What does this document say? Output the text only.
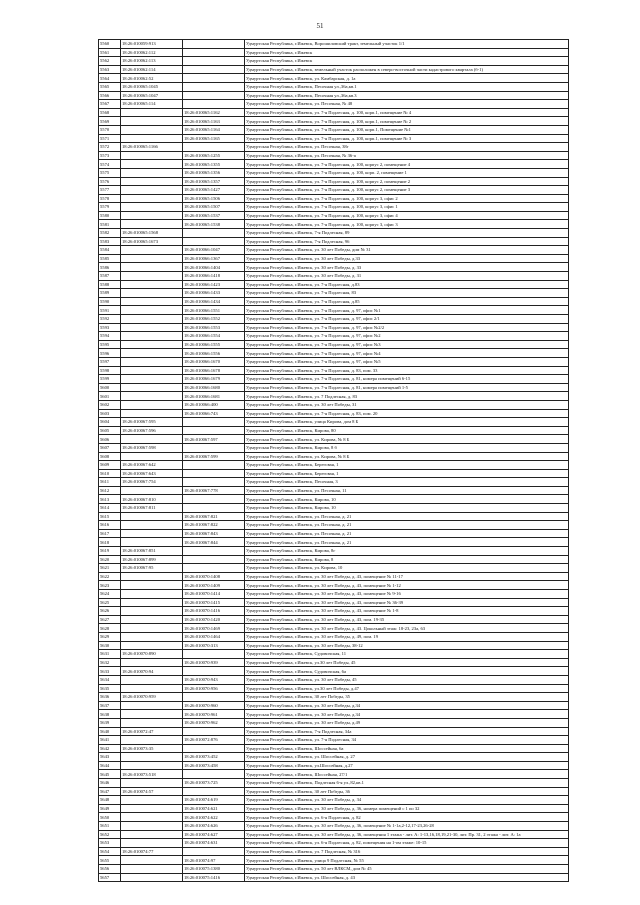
51
5560	18:26:010059:913		Удмуртская Республика, г.Ижевск, Ворошиловский тракт, земельный участок 1/1
5561	18:26:010062:112		Удмуртская Республика, г.Ижевск
5562	18:26:010062:113		Удмуртская Республика, г.Ижевск
5563	18:26:010062:114		Удмуртская Республика, г.Ижевск, земельный участок расположен в северо-восточной части кадастрового квартала (б-1)
5564	18:26:010062:52		Удмуртская Республика, г.Ижевск, ул. Камбарская, д. 1а
5565	18:26:010065:1045		Удмуртская Республика, г.Ижевск, Песочная ул.,36а,кв.1
5566	18:26:010065:1047		Удмуртская Республика, г.Ижевск, Песочная ул.,36а,кв.3
5567	18:26:010065:114		Удмуртская Республика, г.Ижевск, ул. Песочная, № 48
5568		18:26:010065:1162	Удмуртская Республика, г.Ижевск, ул. 7-я Подлесная, д. 100, корп.1, помещение № 4
5569		18:26:010065:1163	Удмуртская Республика, г.Ижевск, ул. 7-я Подлесная, д. 100, корп.1, помещение № 2
5570		18:26:010065:1164	Удмуртская Республика, г.Ижевск, ул. 7-я Подлесная, д. 100, корп.1, Помещение №1
5571		18:26:010065:1165	Удмуртская Республика, г.Ижевск, ул. 7-я Подлесная, д. 100, корп.1, помещение № 3
5572	18:26:010065:1166		Удмуртская Республика, г.Ижевск, ул. Песочная, 38г
5573		18:26:010065:1255	Удмуртская Республика, г.Ижевск, ул. Песочная, № 36-а
5574		18:26:010065:1355	Удмуртская Республика, г.Ижевск, ул. 7-я Подлесная, д. 100, корпус 2, помещение 4
5575		18:26:010065:1356	Удмуртская Республика, г.Ижевск, ул. 7-я Подлесная, д. 100, корп. 2, помещение 1
5576		18:26:010065:1357	Удмуртская Республика, г.Ижевск, ул. 7-я Подлесная, д. 100, корпус 2, помещение 2
5577		18:26:010065:1427	Удмуртская Республика, г.Ижевск, ул. 7-я Подлесная, д. 100, корпус 2, помещение 3
5578		18:26:010065:1506	Удмуртская Республика, г.Ижевск, ул. 7-я Подлесная, д. 100, корпус 3, офис 2
5579		18:26:010065:1507	Удмуртская Республика, г.Ижевск, ул. 7-я Подлесная, д. 100, корпус 3, офис 1
5580		18:26:010065:1537	Удмуртская Республика, г.Ижевск, ул. 7-я Подлесная, д. 100, корпус 3, офис 4
5581		18:26:010065:1538	Удмуртская Республика, г.Ижевск, ул. 7-я Подлесная, д. 100, корпус 3, офис 3
5582	18:26:010065:1568		Удмуртская Республика, г.Ижевск, 7-я Подлесная, 89
5583	18:26:010065:1673		Удмуртская Республика, г.Ижевск, 7-я Подлесная, 96
5584		18:26:010066:1047	Удмуртская Республика, г.Ижевск, ул. 30 лет Победы, дом № 31
5585		18:26:010066:1367	Удмуртская Республика, г.Ижевск, ул. 30 лет Победы, д.33
5586		18:26:010066:1404	Удмуртская Республика, г.Ижевск, ул. 30 лет Победы, д. 33
5587		18:26:010066:1418	Удмуртская Республика, г.Ижевск, ул. 30 лет Победы, д. 31
5588		18:26:010066:1423	Удмуртская Республика, г.Ижевск, ул. 7-я Подлесная, д.83
5589		18:26:010066:1433	Удмуртская Республика, г.Ижевск, ул. 7-я Подлесная, 83
5590		18:26:010066:1434	Удмуртская Республика, г.Ижевск, ул. 7-я Подлесная, д.85
5591		18:26:010066:1551	Удмуртская Республика, г.Ижевск, ул. 7-я Подлесная, д. 97, офис №1
5592		18:26:010066:1552	Удмуртская Республика, г.Ижевск, ул. 7-я Подлесная, д. 97, офис 2/1
5593		18:26:010066:1553	Удмуртская Республика, г.Ижевск, ул. 7-я Подлесная, д. 97, офис №2/2
5594		18:26:010066:1554	Удмуртская Республика, г.Ижевск, ул. 7-я Подлесная, д. 97, офис №2
5595		18:26:010066:1555	Удмуртская Республика, г.Ижевск, ул. 7-я Подлесная, д. 97, офис №3
5596		18:26:010066:1556	Удмуртская Республика, г.Ижевск, ул. 7-я Подлесная, д. 97, офис №4
5597		18:26:010066:1670	Удмуртская Республика, г.Ижевск, ул. 7-я Подлесная, д. 97, офис №5
5598		18:26:010066:1678	Удмуртская Республика, г.Ижевск, ул. 7-я Подлесная, д. 83, пом. 33
5599		18:26:010066:1679	Удмуртская Республика, г.Ижевск, ул. 7-я Подлесная, д. 81, номера помещений 6-15
5600		18:26:010066:1680	Удмуртская Республика, г.Ижевск, ул. 7-я Подлесная, д. 81, номера помещений 1-5
5601		18:26:010066:1681	Удмуртская Республика, г.Ижевск, ул. 7 Подлесная, д. 83
5602		18:26:010066:400	Удмуртская Республика, г.Ижевск, ул. 30 лет Победы, 31
5603		18:26:010066:743	Удмуртская Республика, г.Ижевск, ул. 7-я Подлесная, д. 83, пом. 20
5604	18:26:010067:595		Удмуртская Республика, г.Ижевск, улица Кирова, дом 8 Б
5605	18:26:010067:596		Удмуртская Республика, г.Ижевск, Кирова, 80
5606		18:26:010067:597	Удмуртская Республика, г.Ижевск, ул. Кирова, № 8 Б
5607	18:26:010067:598		Удмуртская Республика, г.Ижевск, Кирова, 8 б
5608		18:26:010067:599	Удмуртская Республика, г.Ижевск, ул. Кирова, № 8 Б
5609	18:26:010067:642		Удмуртская Республика, г.Ижевск, Береговая, 1
5610	18:26:010067:643		Удмуртская Республика, г.Ижевск, Береговая, 1
5611	18:26:010067:754		Удмуртская Республика, г.Ижевск, Песочная, 3
5612		18:26:010067:778	Удмуртская Республика, г.Ижевск, ул. Песочная, 11
5613	18:26:010067:810		Удмуртская Республика, г.Ижевск, Кирова, 10
5614	18:26:010067:811		Удмуртская Республика, г.Ижевск, Кирова, 10
5615		18:26:010067:821	Удмуртская Республика, г.Ижевск, ул. Песочная, д. 21
5616		18:26:010067:822	Удмуртская Республика, г.Ижевск, ул. Песочная, д. 21
5617		18:26:010067:843	Удмуртская Республика, г.Ижевск, ул. Песочная, д. 21
5618		18:26:010067:844	Удмуртская Республика, г.Ижевск, ул. Песочная, д. 21
5619	18:26:010067:851		Удмуртская Республика, г.Ижевск, Кирова, 8г
5620	18:26:010067:899		Удмуртская Республика, г.Ижевск, Кирова, 8
5621	18:26:010067:95		Удмуртская Республика, г.Ижевск, ул. Кирова, 10
5622		18:26:010070:1408	Удмуртская Республика, г.Ижевск, ул. 30 лет Победы, д. 43, помещение № 11-17
5623		18:26:010070:1409	Удмуртская Республика, г.Ижевск, ул. 30 лет Победы, д. 43, помещение № 1-12
5624		18:26:010070:1414	Удмуртская Республика, г.Ижевск, ул. 30 лет Победы, д. 43, помещение № 9-16
5625		18:26:010070:1415	Удмуртская Республика, г.Ижевск, ул. 30 лет Победы, д. 43, помещение № 36-39
5626		18:26:010070:1416	Удмуртская Республика, г.Ижевск, ул. 30 лет Победы, д. 43, помещение № 1-8
5627		18:26:010070:1420	Удмуртская Республика, г.Ижевск, ул. 30 лет Победы, д. 43, пом. 19-35
5628		18:26:010070:1469	Удмуртская Республика, г.Ижевск, ул. 30 лет Победы, д. 43. Цокольный этаж: 18-23, 23а, 63
5629		18:26:010070:1464	Удмуртская Республика, г.Ижевск, ул. 30 лет Победы, д. 49, пом. 19
5630		18:26:010070:313	Удмуртская Республика, г.Ижевск, ул. 30 лет Победы, 38-12
5631	18:26:010070:890		Удмуртская Республика, г.Ижевск, Судовичская, 11
5632		18:26:010070:939	Удмуртская Республика, г.Ижевск, ул.30 лет Победы, 45
5633	18:26:010070:94		Удмуртская Республика, г.Ижевск, Судовичская, 6а
5634		18:26:010070:943	Удмуртская Республика, г.Ижевск, ул. 30 лет Победы, 45
5635		18:26:010070:956	Удмуртская Республика, г.Ижевск, ул.30 лет Победы, д.47
5636	18:26:010070:959		Удмуртская Республика, г.Ижевск, 30 лет Победы, 35
5637		18:26:010070:960	Удмуртская Республика, г.Ижевск, ул. 30 лет Победы, д.34
5638		18:26:010070:961	Удмуртская Республика, г.Ижевск, ул. 30 лет Победы, д.34
5639		18:26:010070:962	Удмуртская Республика, г.Ижевск, ул. 30 лет Победы, д.49
5640	18:26:010072:47		Удмуртская Республика, г.Ижевск, 7-я Подлесная, 34а
5641		18:26:010072:876	Удмуртская Республика, г.Ижевск, ул. 7-я Подлесная, 34
5642	18:26:010073:35		Удмуртская Республика, г.Ижевск, Шоссейная, 6а
5643		18:26:010073:452	Удмуртская Республика, г.Ижевск, ул. Шоссейная, д. 27
5644		18:26:010073:458	Удмуртская Республика, г.Ижевск, ул.Шоссейная, д.27
5645	18:26:010073:518		Удмуртская Республика, г.Ижевск, Шоссейная, 27/1
5646		18:26:010073:725	Удмуртская Республика, г.Ижевск, Подлесная 6-я ул.,82,кв.1
5647	18:26:010074:57		Удмуртская Республика, г.Ижевск, 30 лет Победы, 36
5648		18:26:010074:619	Удмуртская Республика, г.Ижевск, ул. 30 лет Победы, д. 34
5649		18:26:010074:621	Удмуртская Республика, г.Ижевск, ул. 30 лет Победы, д. 36, номера помещений с 1 по 32
5650		18:26:010074:622	Удмуртская Республика, г.Ижевск, ул. 6-я Подлесная, д. 82
5651		18:26:010074:626	Удмуртская Республика, г.Ижевск, ул. 30 лет Победы, д. 36, помещение № 1-1а,2-12,17-23,26-28
5652		18:26:010074:627	Удмуртская Республика, г.Ижевск, ул. 30 лет Победы, д. 36, помещения 1 этажа - лит. А: 1-13,16,18,19,21-30, лит. Пр. 31, 2 этажа - лит. А: 1а
5653		18:26:010074:631	Удмуртская Республика, г.Ижевск, ул. 6-я Подлесная, д. 82, помещения на 1-ом этаже: 10-15
5654	18:26:010074:77		Удмуртская Республика, г.Ижевск, ул. 7 Подлесная, № 316
5655		18:26:010074:97	Удмуртская Республика, г.Ижевск, улица 9 Подлесная, № 55
5656		18:26:010075:1380	Удмуртская Республика, г.Ижевск, ул. 50 лет ВЛКСМ, дом № 45
5657		18:26:010075:1416	Удмуртская Республика, г.Ижевск, ул. Шоссейная, д. 43
